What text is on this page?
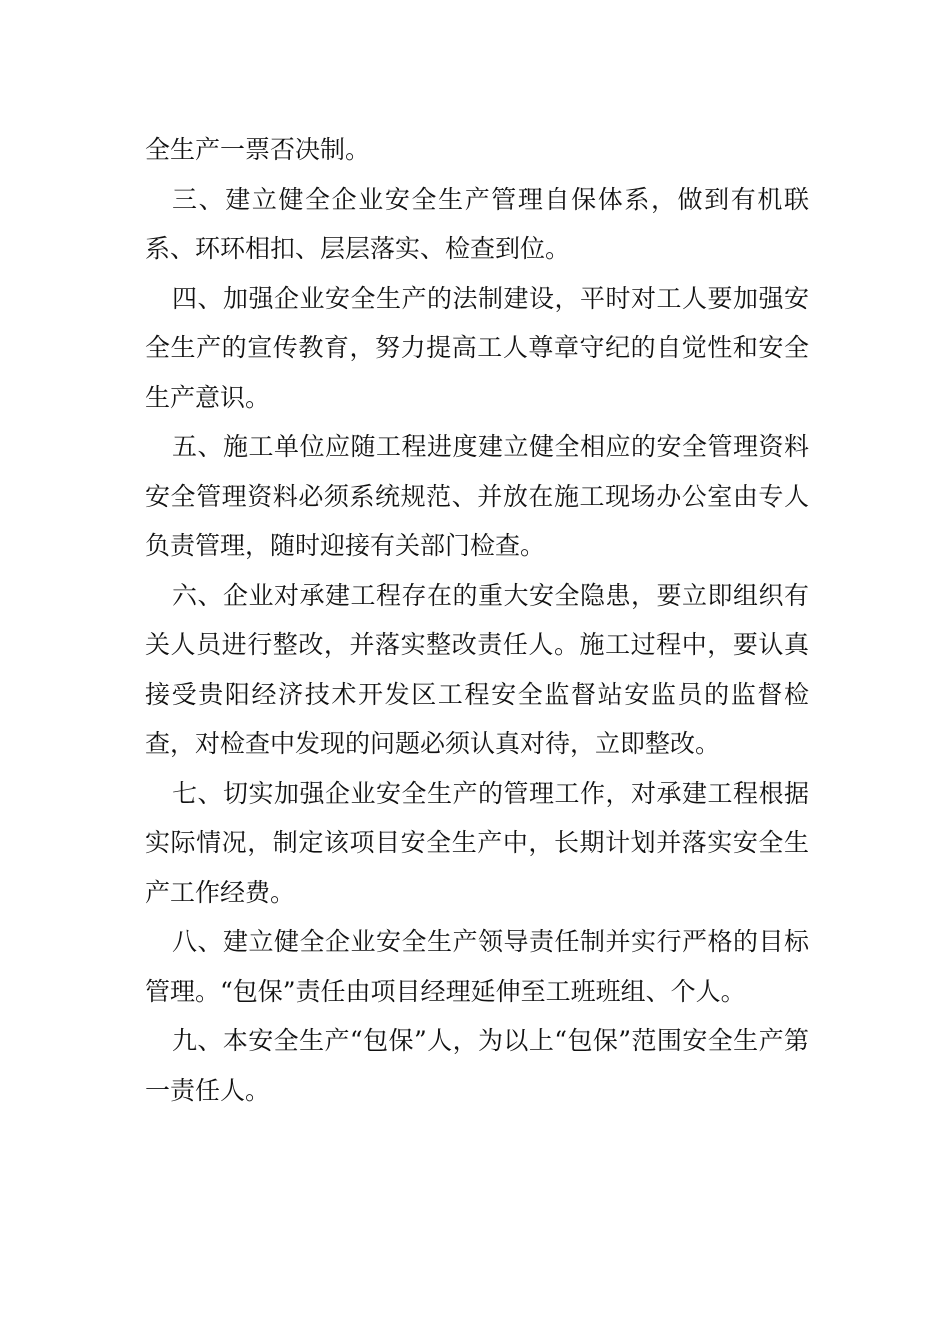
全生产一票否决制。

三、建立健全企业安全生产管理自保体系，做到有机联系、环环相扣、层层落实、检查到位。

四、加强企业安全生产的法制建设，平时对工人要加强安全生产的宣传教育，努力提高工人尊章守纪的自觉性和安全生产意识。

五、施工单位应随工程进度建立健全相应的安全管理资料安全管理资料必须系统规范、并放在施工现场办公室由专人负责管理，随时迎接有关部门检查。

六、企业对承建工程存在的重大安全隐患，要立即组织有关人员进行整改，并落实整改责任人。施工过程中，要认真接受贵阳经济技术开发区工程安全监督站安监员的监督检查，对检查中发现的问题必须认真对待，立即整改。

七、切实加强企业安全生产的管理工作，对承建工程根据实际情况，制定该项目安全生产中，长期计划并落实安全生产工作经费。

八、建立健全企业安全生产领导责任制并实行严格的目标管理。“包保”责任由项目经理延伸至工班班组、个人。

九、本安全生产“包保”人，为以上“包保”范围安全生产第一责任人。
